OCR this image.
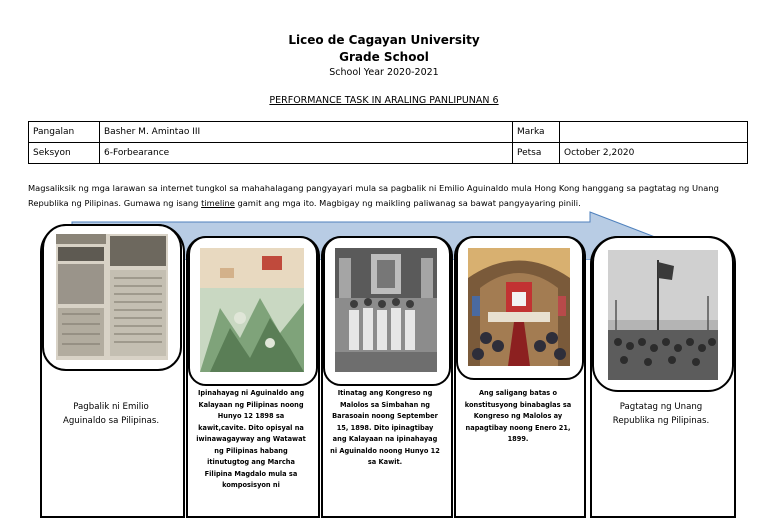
Liceo de Cagayan University
Grade School
School Year 2020-2021
PERFORMANCE TASK IN ARALING PANLIPUNAN 6
Pangalan	Basher M. Amintao III	Marka	
Seksyon	6-Forbearance	Petsa	October 2,2020
Magsaliksik ng mga larawan sa internet tungkol sa mahahalagang pangyayari mula sa pagbalik ni Emilio Aguinaldo mula Hong Kong hanggang sa pagtatag ng Unang Republika ng Pilipinas. Gumawa ng isang timeline gamit ang mga ito. Magbigay ng maikling paliwanag sa bawat pangyayaring pinili.
Pagbalik ni Emilio Aguinaldo sa Pilipinas.
Ipinahayag ni Aguinaldo ang Kalayaan ng Pilipinas noong Hunyo 12 1898 sa kawit,cavite. Dito opisyal na iwinawagayway ang Watawat ng Pilipinas habang itinutugtog ang Marcha Filipina Magdalo mula sa komposisyon ni
Itinatag ang Kongreso ng Malolos sa Simbahan ng Barasoain noong September 15, 1898. Dito ipinagtibay ang Kalayaan na ipinahayag ni Aguinaldo noong Hunyo 12 sa Kawit.
Ang saligang batas o konstitusyong binabaglas sa Kongreso ng Malolos ay napagtibay noong Enero 21, 1899.
Pagtatag ng Unang Republika ng Pilipinas.
